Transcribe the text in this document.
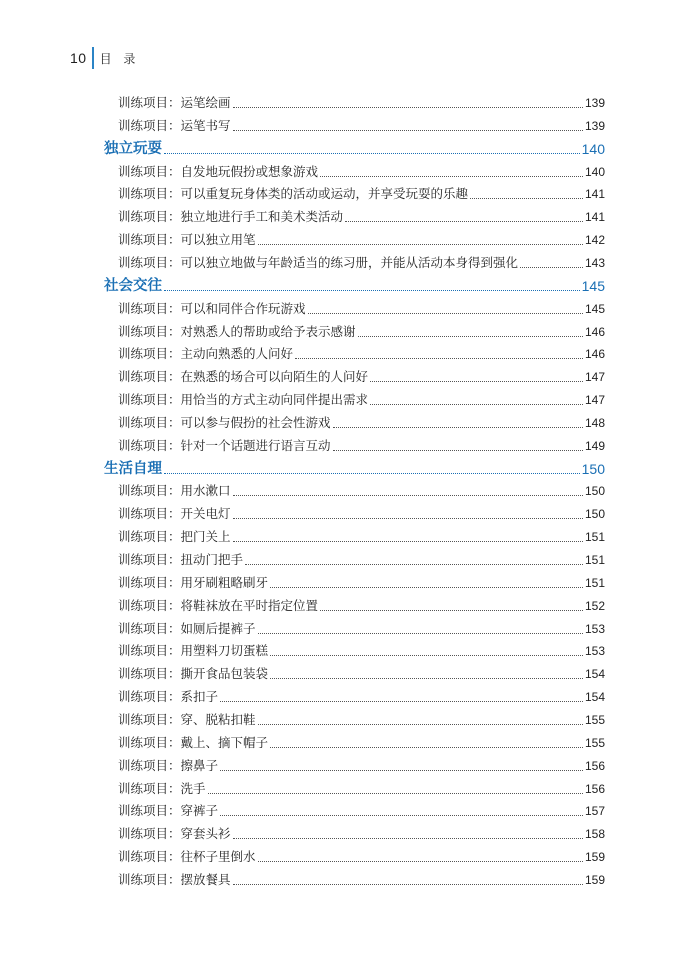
10 目 录
训练项目：运笔绘画	139
训练项目：运笔书写	139
独立玩耍	140
训练项目：自发地玩假扮或想象游戏	140
训练项目：可以重复玩身体类的活动或运动，并享受玩耍的乐趣	141
训练项目：独立地进行手工和美术类活动	141
训练项目：可以独立用笔	142
训练项目：可以独立地做与年龄适当的练习册，并能从活动本身得到强化	143
社会交往	145
训练项目：可以和同伴合作玩游戏	145
训练项目：对熟悉人的帮助或给予表示感谢	146
训练项目：主动向熟悉的人问好	146
训练项目：在熟悉的场合可以向陌生的人问好	147
训练项目：用恰当的方式主动向同伴提出需求	147
训练项目：可以参与假扮的社会性游戏	148
训练项目：针对一个话题进行语言互动	149
生活自理	150
训练项目：用水漱口	150
训练项目：开关电灯	150
训练项目：把门关上	151
训练项目：扭动门把手	151
训练项目：用牙刷粗略刷牙	151
训练项目：将鞋袜放在平时指定位置	152
训练项目：如厕后提裤子	153
训练项目：用塑料刀切蛋糕	153
训练项目：撕开食品包装袋	154
训练项目：系扣子	154
训练项目：穿、脱粘扣鞋	155
训练项目：戴上、摘下帽子	155
训练项目：擦鼻子	156
训练项目：洗手	156
训练项目：穿裤子	157
训练项目：穿套头衫	158
训练项目：往杯子里倒水	159
训练项目：摆放餐具	159
